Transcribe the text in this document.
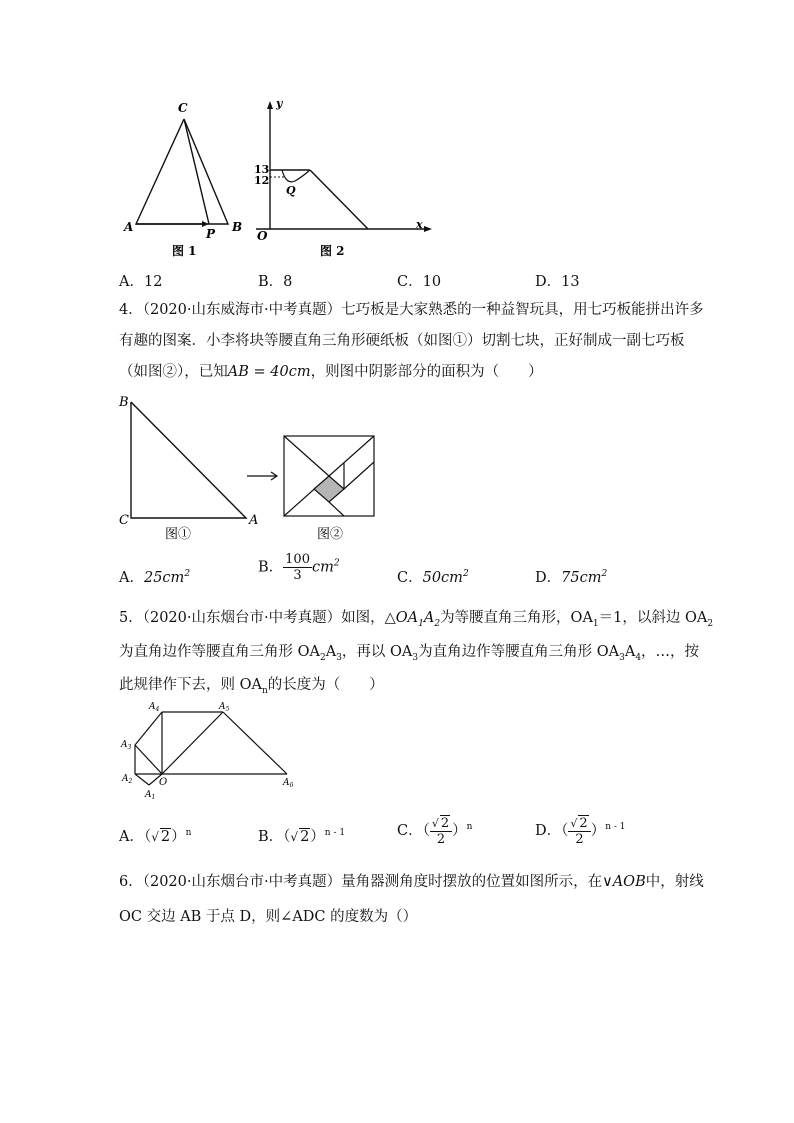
C
A	B
P
图 1
y
x
13
12
Q
O
图 2
A．12	B．8	C．10	D．13
4．（2020·山东威海市·中考真题）七巧板是大家熟悉的一种益智玩具，用七巧板能拼出许多
有趣的图案．小李将块等腰直角三角形硬纸板（如图①）切割七块，正好制成一副七巧板
（如图②），已知AB = 40cm，则图中阴影部分的面积为（　　）
B
C	A
图①	图②
A．$25cm^2$	B． $\frac{100}{3} cm^2$
C．$50cm^2$	D．$75cm^2$
5．（2020·山东烟台市·中考真题）如图，$\triangle OA_1A_2$为等腰直角三角形，$OA_1=1$，以斜边 $OA_2$
为直角边作等腰直角三角形 $OA_2A_3$，再以 $OA_3$为直角边作等腰直角三角形 $OA_3A_4$，…，按
此规律作下去，则 $OA_n$的长度为（　　）
$A_4$	$A_5$
$A_3$
$A_2$
$A_1$
$A_6$
O
A．（√ 2）$^n$	B．（√ 2）$^{n - 1}$	C．（ $\frac{√ 2}{2} )^n$	D．（ $\frac{√ 2}{2} )^{n - 1}$
6．（2020·山东烟台市·中考真题）量角器测角度时摆放的位置如图所示，在∨AOB中，射线
OC 交边 AB 于点 D，则∠ADC 的度数为（）
